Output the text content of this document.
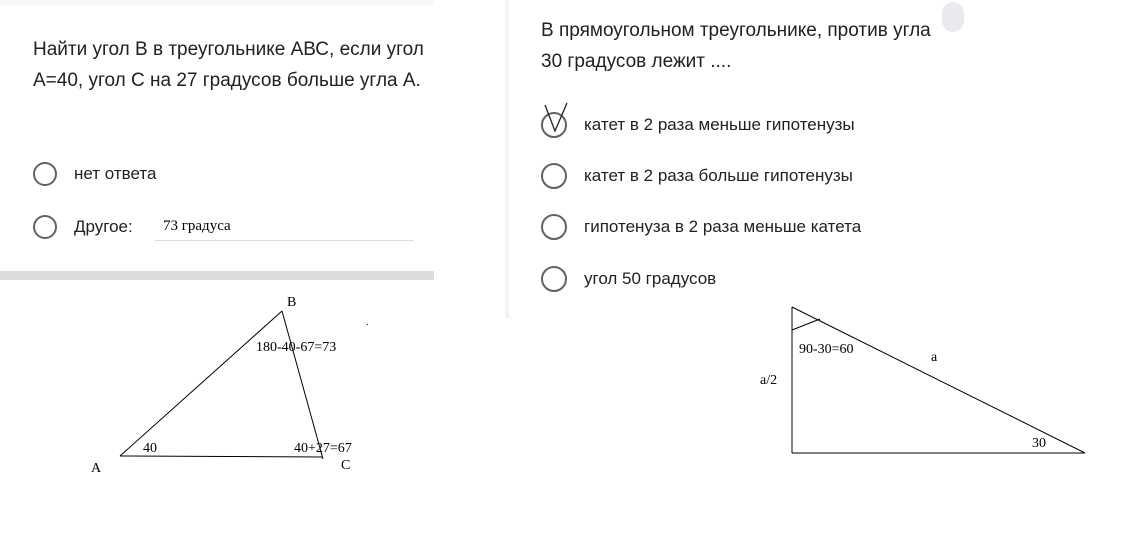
Найти угол В в треугольнике АВС, если угол А=40, угол С на 27 градусов больше угла А.
нет ответа
Другое:	73 градуса
В прямоугольном треугольнике, против угла 30 градусов лежит ....
катет в 2 раза меньше гипотенузы
катет в 2 раза больше гипотенузы
гипотенуза в 2 раза меньше катета
угол 50 градусов
B
180-40-67=73
.
40	40+27=67
A	C
90-30=60
a
a/2
30
